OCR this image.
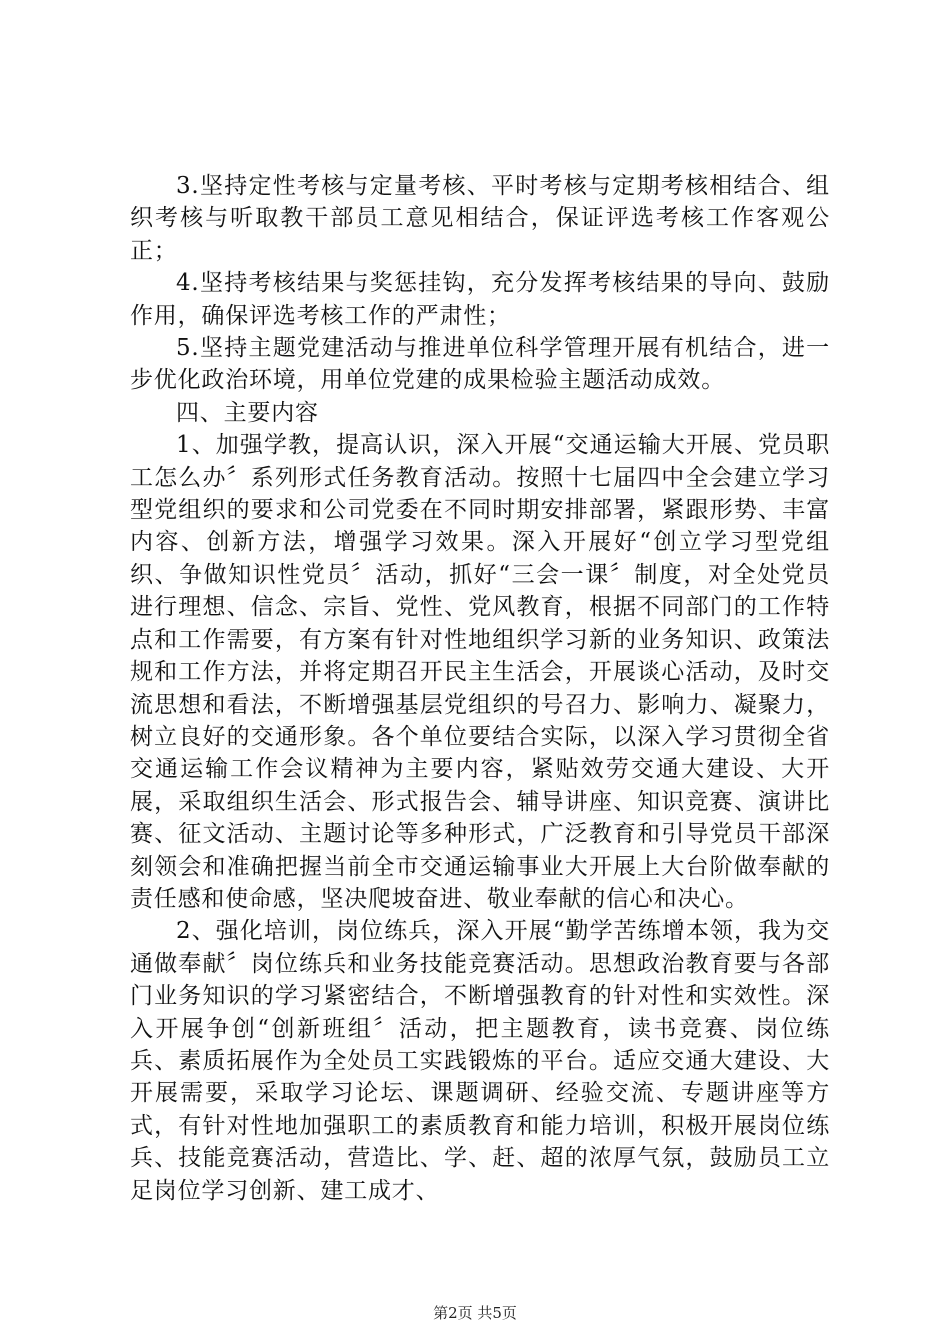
3.坚持定性考核与定量考核、平时考核与定期考核相结合、组织考核与听取教干部员工意见相结合，保证评选考核工作客观公正；

4.坚持考核结果与奖惩挂钩，充分发挥考核结果的导向、鼓励作用，确保评选考核工作的严肃性；

5.坚持主题党建活动与推进单位科学管理开展有机结合，进一步优化政治环境，用单位党建的成果检验主题活动成效。

四、主要内容

1、加强学教，提高认识，深入开展“交通运输大开展、党员职工怎么办〞系列形式任务教育活动。按照十七届四中全会建立学习型党组织的要求和公司党委在不同时期安排部署，紧跟形势、丰富内容、创新方法，增强学习效果。深入开展好“创立学习型党组织、争做知识性党员〞活动，抓好“三会一课〞制度，对全处党员进行理想、信念、宗旨、党性、党风教育，根据不同部门的工作特点和工作需要，有方案有针对性地组织学习新的业务知识、政策法规和工作方法，并将定期召开民主生活会，开展谈心活动，及时交流思想和看法，不断增强基层党组织的号召力、影响力、凝聚力，树立良好的交通形象。各个单位要结合实际，以深入学习贯彻全省交通运输工作会议精神为主要内容，紧贴效劳交通大建设、大开展，采取组织生活会、形式报告会、辅导讲座、知识竞赛、演讲比赛、征文活动、主题讨论等多种形式，广泛教育和引导党员干部深刻领会和准确把握当前全市交通运输事业大开展上大台阶做奉献的责任感和使命感，坚决爬坡奋进、敬业奉献的信心和决心。

2、强化培训，岗位练兵，深入开展“勤学苦练增本领，我为交通做奉献〞岗位练兵和业务技能竞赛活动。思想政治教育要与各部门业务知识的学习紧密结合，不断增强教育的针对性和实效性。深入开展争创“创新班组〞活动，把主题教育，读书竞赛、岗位练兵、素质拓展作为全处员工实践锻炼的平台。适应交通大建设、大开展需要，采取学习论坛、课题调研、经验交流、专题讲座等方式，有针对性地加强职工的素质教育和能力培训，积极开展岗位练兵、技能竞赛活动，营造比、学、赶、超的浓厚气氛，鼓励员工立足岗位学习创新、建工成才、

第2页 共5页
